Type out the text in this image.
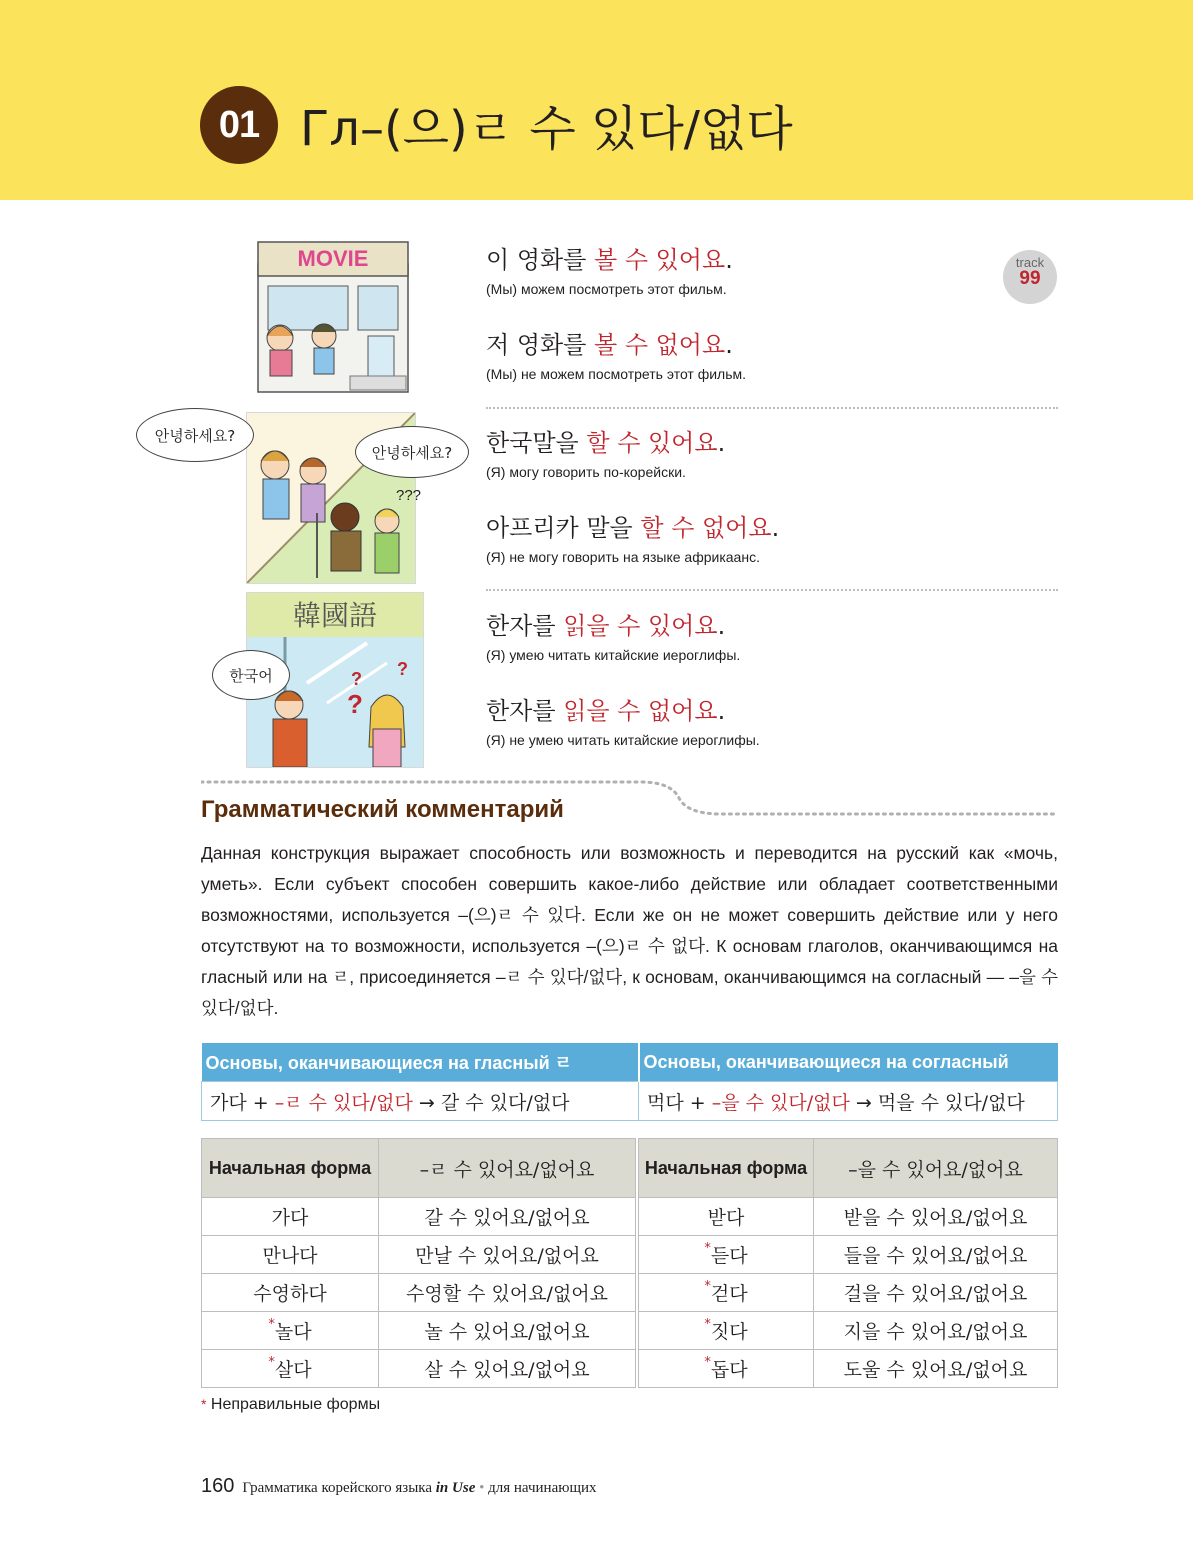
01 Гл–(으)ㄹ 수 있다/없다
MOVIE
안녕하세요?
안녕하세요?
???
韓國語
?
? ?
한국어
track
99
이 영화를 볼 수 있어요.
(Мы) можем посмотреть этот фильм.
저 영화를 볼 수 없어요.
(Мы) не можем посмотреть этот фильм.
한국말을 할 수 있어요.
(Я) могу говорить по-корейски.
아프리카 말을 할 수 없어요.
(Я) не могу говорить на языке африкаанс.
한자를 읽을 수 있어요.
(Я) умею читать китайские иероглифы.
한자를 읽을 수 없어요.
(Я) не умею читать китайские иероглифы.
Грамматический комментарий
Данная конструкция выражает способность или возможность и переводится на русский как «мочь, уметь». Если субъект способен совершить какое-либо действие или обладает соответственными возможностями, используется –(으)ㄹ 수 있다. Если же он не может совершить действие или у него отсутствуют на то возможности, используется –(으)ㄹ 수 없다. К основам глаголов, оканчивающимся на гласный или на ㄹ, присоединяется –ㄹ 수 있다/없다, к основам, оканчивающимся на согласный — –을 수 있다/없다.
Основы, оканчивающиеся на гласный ㄹ	Основы, оканчивающиеся на согласный
가다 + –ㄹ 수 있다/없다 → 갈 수 있다/없다	먹다 + –을 수 있다/없다 → 먹을 수 있다/없다
Начальная форма	–ㄹ 수 있어요/없어요		Начальная форма	–을 수 있어요/없어요
가다	갈 수 있어요/없어요		받다	받을 수 있어요/없어요
만나다	만날 수 있어요/없어요		*듣다	들을 수 있어요/없어요
수영하다	수영할 수 있어요/없어요		*걷다	걸을 수 있어요/없어요
*놀다	놀 수 있어요/없어요		*짓다	지을 수 있어요/없어요
*살다	살 수 있어요/없어요		*돕다	도울 수 있어요/없어요
* Неправильные формы
160 Грамматика корейского языка in Use • для начинающих
